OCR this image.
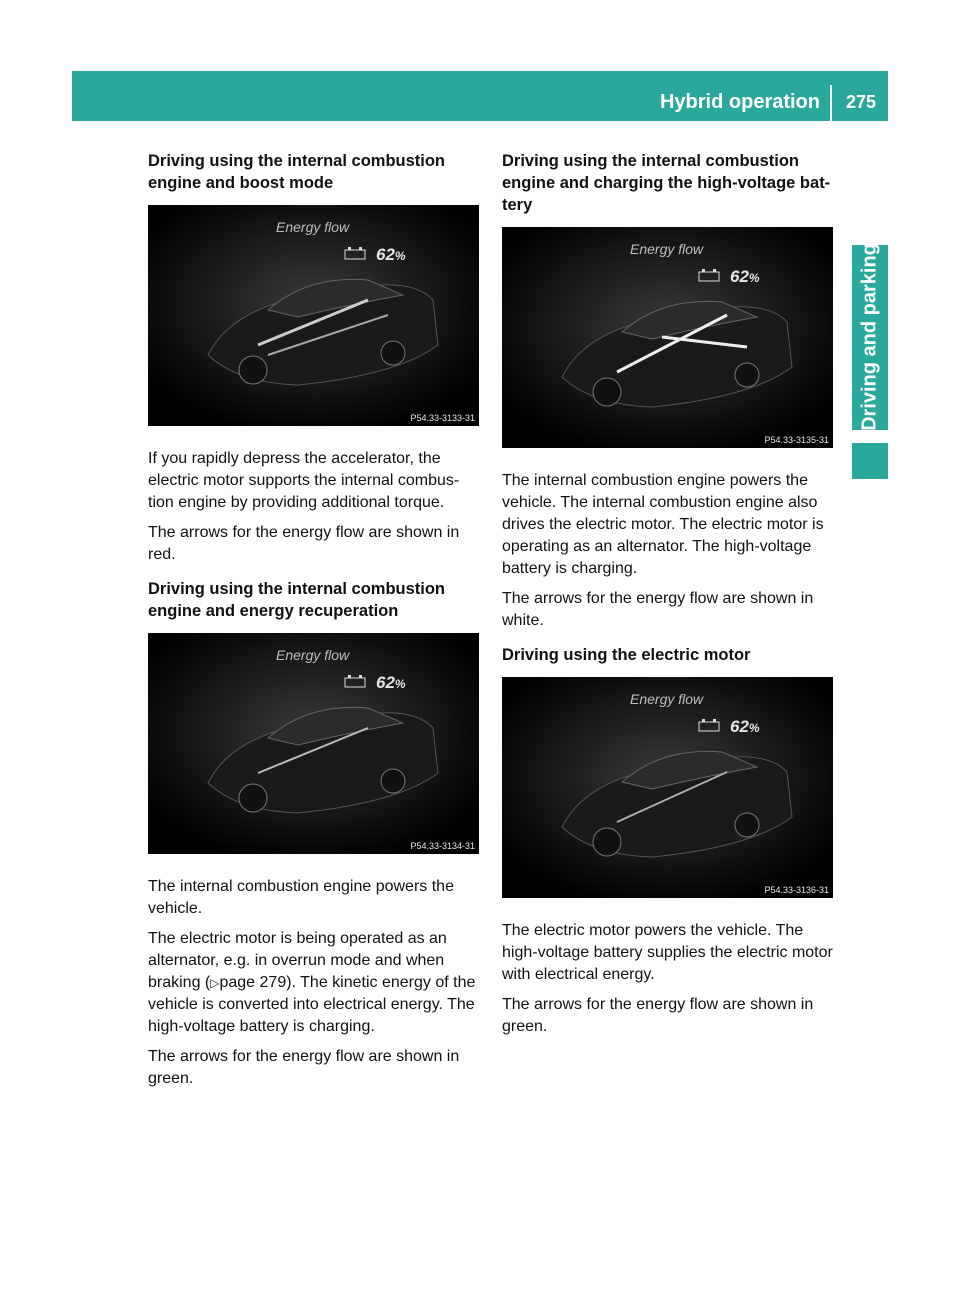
Hybrid operation	275
Driving and parking
Driving using the internal combustion engine and boost mode
Energy flow
62%
P54.33-3133-31

If you rapidly depress the accelerator, the electric motor supports the internal combus-tion engine by providing additional torque.

The arrows for the energy flow are shown in red.

Driving using the internal combustion engine and energy recuperation
Energy flow
62%
P54.33-3134-31

The internal combustion engine powers the vehicle.

The electric motor is being operated as an alternator, e.g. in overrun mode and when braking (▷page 279). The kinetic energy of the vehicle is converted into electrical energy. The high-voltage battery is charging.

The arrows for the energy flow are shown in green.

Driving using the internal combustion engine and charging the high-voltage bat-tery
Energy flow
62%
P54.33-3135-31

The internal combustion engine powers the vehicle. The internal combustion engine also drives the electric motor. The electric motor is operating as an alternator. The high-voltage battery is charging.

The arrows for the energy flow are shown in white.

Driving using the electric motor
Energy flow
62%
P54.33-3136-31

The electric motor powers the vehicle. The high-voltage battery supplies the electric motor with electrical energy.

The arrows for the energy flow are shown in green.
